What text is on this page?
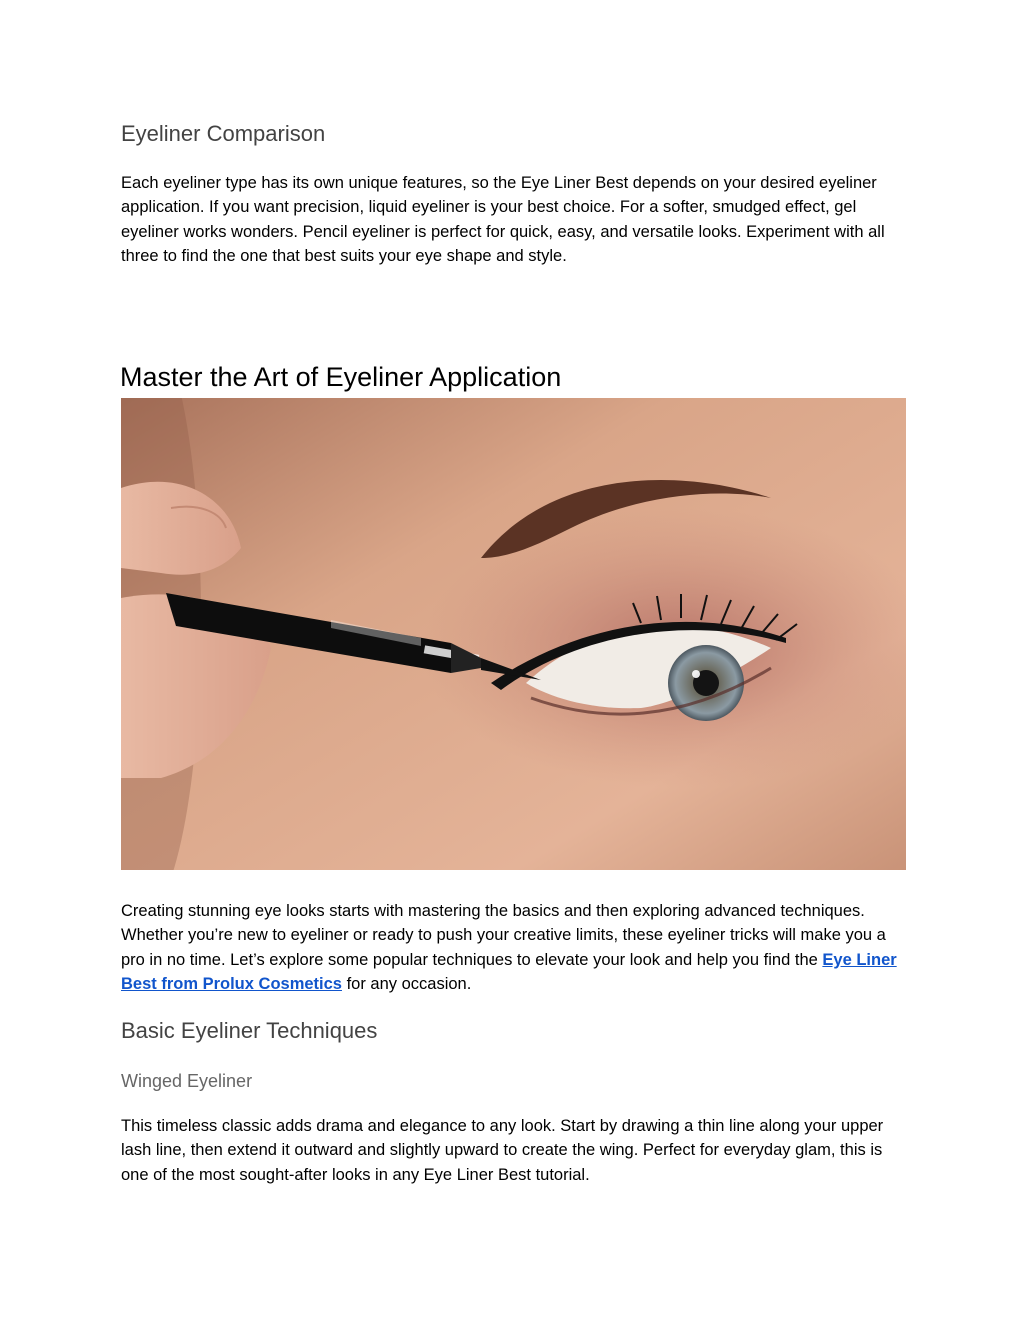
Eyeliner Comparison

Each eyeliner type has its own unique features, so the Eye Liner Best depends on your desired eyeliner application. If you want precision, liquid eyeliner is your best choice. For a softer, smudged effect, gel eyeliner works wonders. Pencil eyeliner is perfect for quick, easy, and versatile looks. Experiment with all three to find the one that best suits your eye shape and style.

Master the Art of Eyeliner Application

Creating stunning eye looks starts with mastering the basics and then exploring advanced techniques. Whether you’re new to eyeliner or ready to push your creative limits, these eyeliner tricks will make you a pro in no time. Let’s explore some popular techniques to elevate your look and help you find the Eye Liner Best from Prolux Cosmetics for any occasion.

Basic Eyeliner Techniques
Winged Eyeliner

This timeless classic adds drama and elegance to any look. Start by drawing a thin line along your upper lash line, then extend it outward and slightly upward to create the wing. Perfect for everyday glam, this is one of the most sought-after looks in any Eye Liner Best tutorial.
